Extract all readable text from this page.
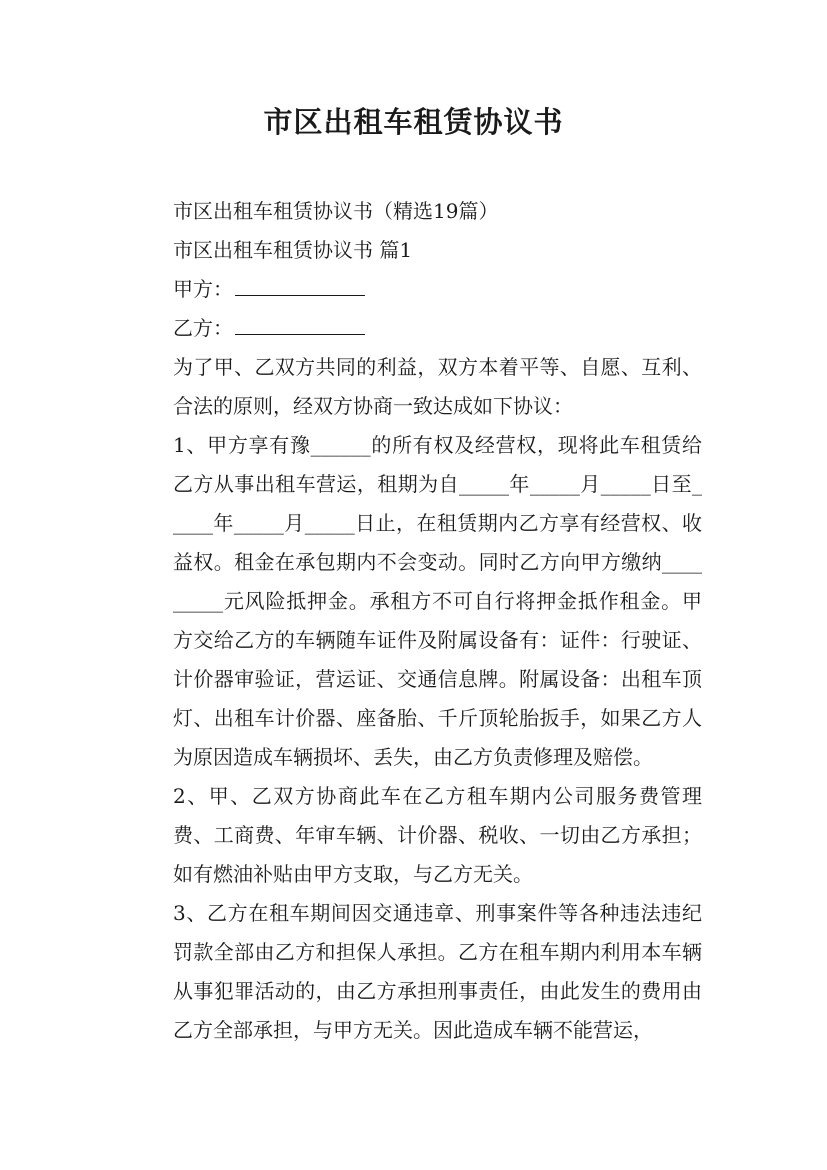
市区出租车租赁协议书

市区出租车租赁协议书（精选19篇）

市区出租车租赁协议书 篇1

甲方：

乙方：

为了甲、乙双方共同的利益，双方本着平等、自愿、互利、合法的原则，经双方协商一致达成如下协议：

1、甲方享有豫______的所有权及经营权，现将此车租赁给乙方从事出租车营运，租期为自_____年_____月_____日至_____年_____月_____日止，在租赁期内乙方享有经营权、收益权。租金在承包期内不会变动。同时乙方向甲方缴纳_________元风险抵押金。承租方不可自行将押金抵作租金。甲方交给乙方的车辆随车证件及附属设备有：证件：行驶证、计价器审验证，营运证、交通信息牌。附属设备：出租车顶灯、出租车计价器、座备胎、千斤顶轮胎扳手，如果乙方人为原因造成车辆损坏、丢失，由乙方负责修理及赔偿。

2、甲、乙双方协商此车在乙方租车期内公司服务费管理费、工商费、年审车辆、计价器、税收、一切由乙方承担；如有燃油补贴由甲方支取，与乙方无关。

3、乙方在租车期间因交通违章、刑事案件等各种违法违纪罚款全部由乙方和担保人承担。乙方在租车期内利用本车辆从事犯罪活动的，由乙方承担刑事责任，由此发生的费用由乙方全部承担，与甲方无关。因此造成车辆不能营运，
